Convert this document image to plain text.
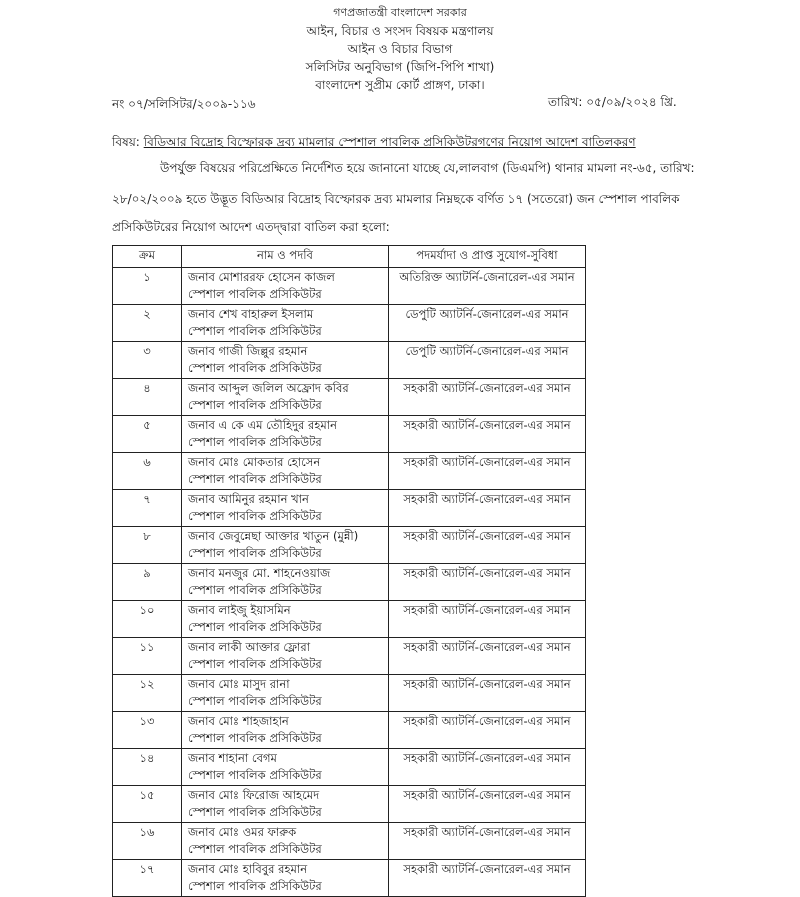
গণপ্রজাতন্ত্রী বাংলাদেশ সরকার
আইন, বিচার ও সংসদ বিষয়ক মন্ত্রণালয়
আইন ও বিচার বিভাগ
সলিসিটর অনুবিভাগ (জিপি-পিপি শাখা)
বাংলাদেশ সুপ্রীম কোর্ট প্রাঙ্গণ, ঢাকা।
নং ০৭/সলিসিটর/২০০৯-১১৬	তারিখ: ০৫/০৯/২০২৪ খ্রি.
বিষয়: বিডিআর বিদ্রোহ বিস্ফোরক দ্রব্য মামলার স্পেশাল পাবলিক প্রসিকিউটরগণের নিয়োগ আদেশ বাতিলকরণ
উপর্যুক্ত বিষয়ের পরিপ্রেক্ষিতে নির্দেশিত হয়ে জানানো যাচ্ছে যে,লালবাগ (ডিএমপি) থানার মামলা নং-৬৫, তারিখ:
২৮/০২/২০০৯ হতে উদ্ভূত বিডিআর বিদ্রোহ বিস্ফোরক দ্রব্য মামলার নিম্নছকে বর্ণিত ১৭ (সতেরো) জন স্পেশাল পাবলিক
প্রসিকিউটরের নিয়োগ আদেশ এতদ্দ্বারা বাতিল করা হলো:
ক্রম	নাম ও পদবি	পদমর্যাদা ও প্রাপ্ত সুযোগ-সুবিধা
১	জনাব মোশাররফ হোসেন কাজল
স্পেশাল পাবলিক প্রসিকিউটর	অতিরিক্ত অ্যাটর্নি-জেনারেল-এর সমান
২	জনাব শেখ বাহারুল ইসলাম
স্পেশাল পাবলিক প্রসিকিউটর	ডেপুটি অ্যাটর্নি-জেনারেল-এর সমান
৩	জনাব গাজী জিল্লুর রহমান
স্পেশাল পাবলিক প্রসিকিউটর	ডেপুটি অ্যাটর্নি-জেনারেল-এর সমান
৪	জনাব আব্দুল জলিল অফ্রোদ কবির
স্পেশাল পাবলিক প্রসিকিউটর	সহকারী অ্যাটর্নি-জেনারেল-এর সমান
৫	জনাব এ কে এম তৌহিদুর রহমান
স্পেশাল পাবলিক প্রসিকিউটর	সহকারী অ্যাটর্নি-জেনারেল-এর সমান
৬	জনাব মোঃ মোকতার হোসেন
স্পেশাল পাবলিক প্রসিকিউটর	সহকারী অ্যাটর্নি-জেনারেল-এর সমান
৭	জনাব আমিনুর রহমান খান
স্পেশাল পাবলিক প্রসিকিউটর	সহকারী অ্যাটর্নি-জেনারেল-এর সমান
৮	জনাব জেবুন্নেছা আক্তার খাতুন (মুন্নী)
স্পেশাল পাবলিক প্রসিকিউটর	সহকারী অ্যাটর্নি-জেনারেল-এর সমান
৯	জনাব মনজুর মো. শাহনেওয়াজ
স্পেশাল পাবলিক প্রসিকিউটর	সহকারী অ্যাটর্নি-জেনারেল-এর সমান
১০	জনাব লাইজু ইয়াসমিন
স্পেশাল পাবলিক প্রসিকিউটর	সহকারী অ্যাটর্নি-জেনারেল-এর সমান
১১	জনাব লাকী আক্তার ফ্লোরা
স্পেশাল পাবলিক প্রসিকিউটর	সহকারী অ্যাটর্নি-জেনারেল-এর সমান
১২	জনাব মোঃ মাসুদ রানা
স্পেশাল পাবলিক প্রসিকিউটর	সহকারী অ্যাটর্নি-জেনারেল-এর সমান
১৩	জনাব মোঃ শাহজাহান
স্পেশাল পাবলিক প্রসিকিউটর	সহকারী অ্যাটর্নি-জেনারেল-এর সমান
১৪	জনাব শাহানা বেগম
স্পেশাল পাবলিক প্রসিকিউটর	সহকারী অ্যাটর্নি-জেনারেল-এর সমান
১৫	জনাব মোঃ ফিরোজ আহমেদ
স্পেশাল পাবলিক প্রসিকিউটর	সহকারী অ্যাটর্নি-জেনারেল-এর সমান
১৬	জনাব মোঃ ওমর ফারুক
স্পেশাল পাবলিক প্রসিকিউটর	সহকারী অ্যাটর্নি-জেনারেল-এর সমান
১৭	জনাব মোঃ হাবিবুর রহমান
স্পেশাল পাবলিক প্রসিকিউটর	সহকারী অ্যাটর্নি-জেনারেল-এর সমান
